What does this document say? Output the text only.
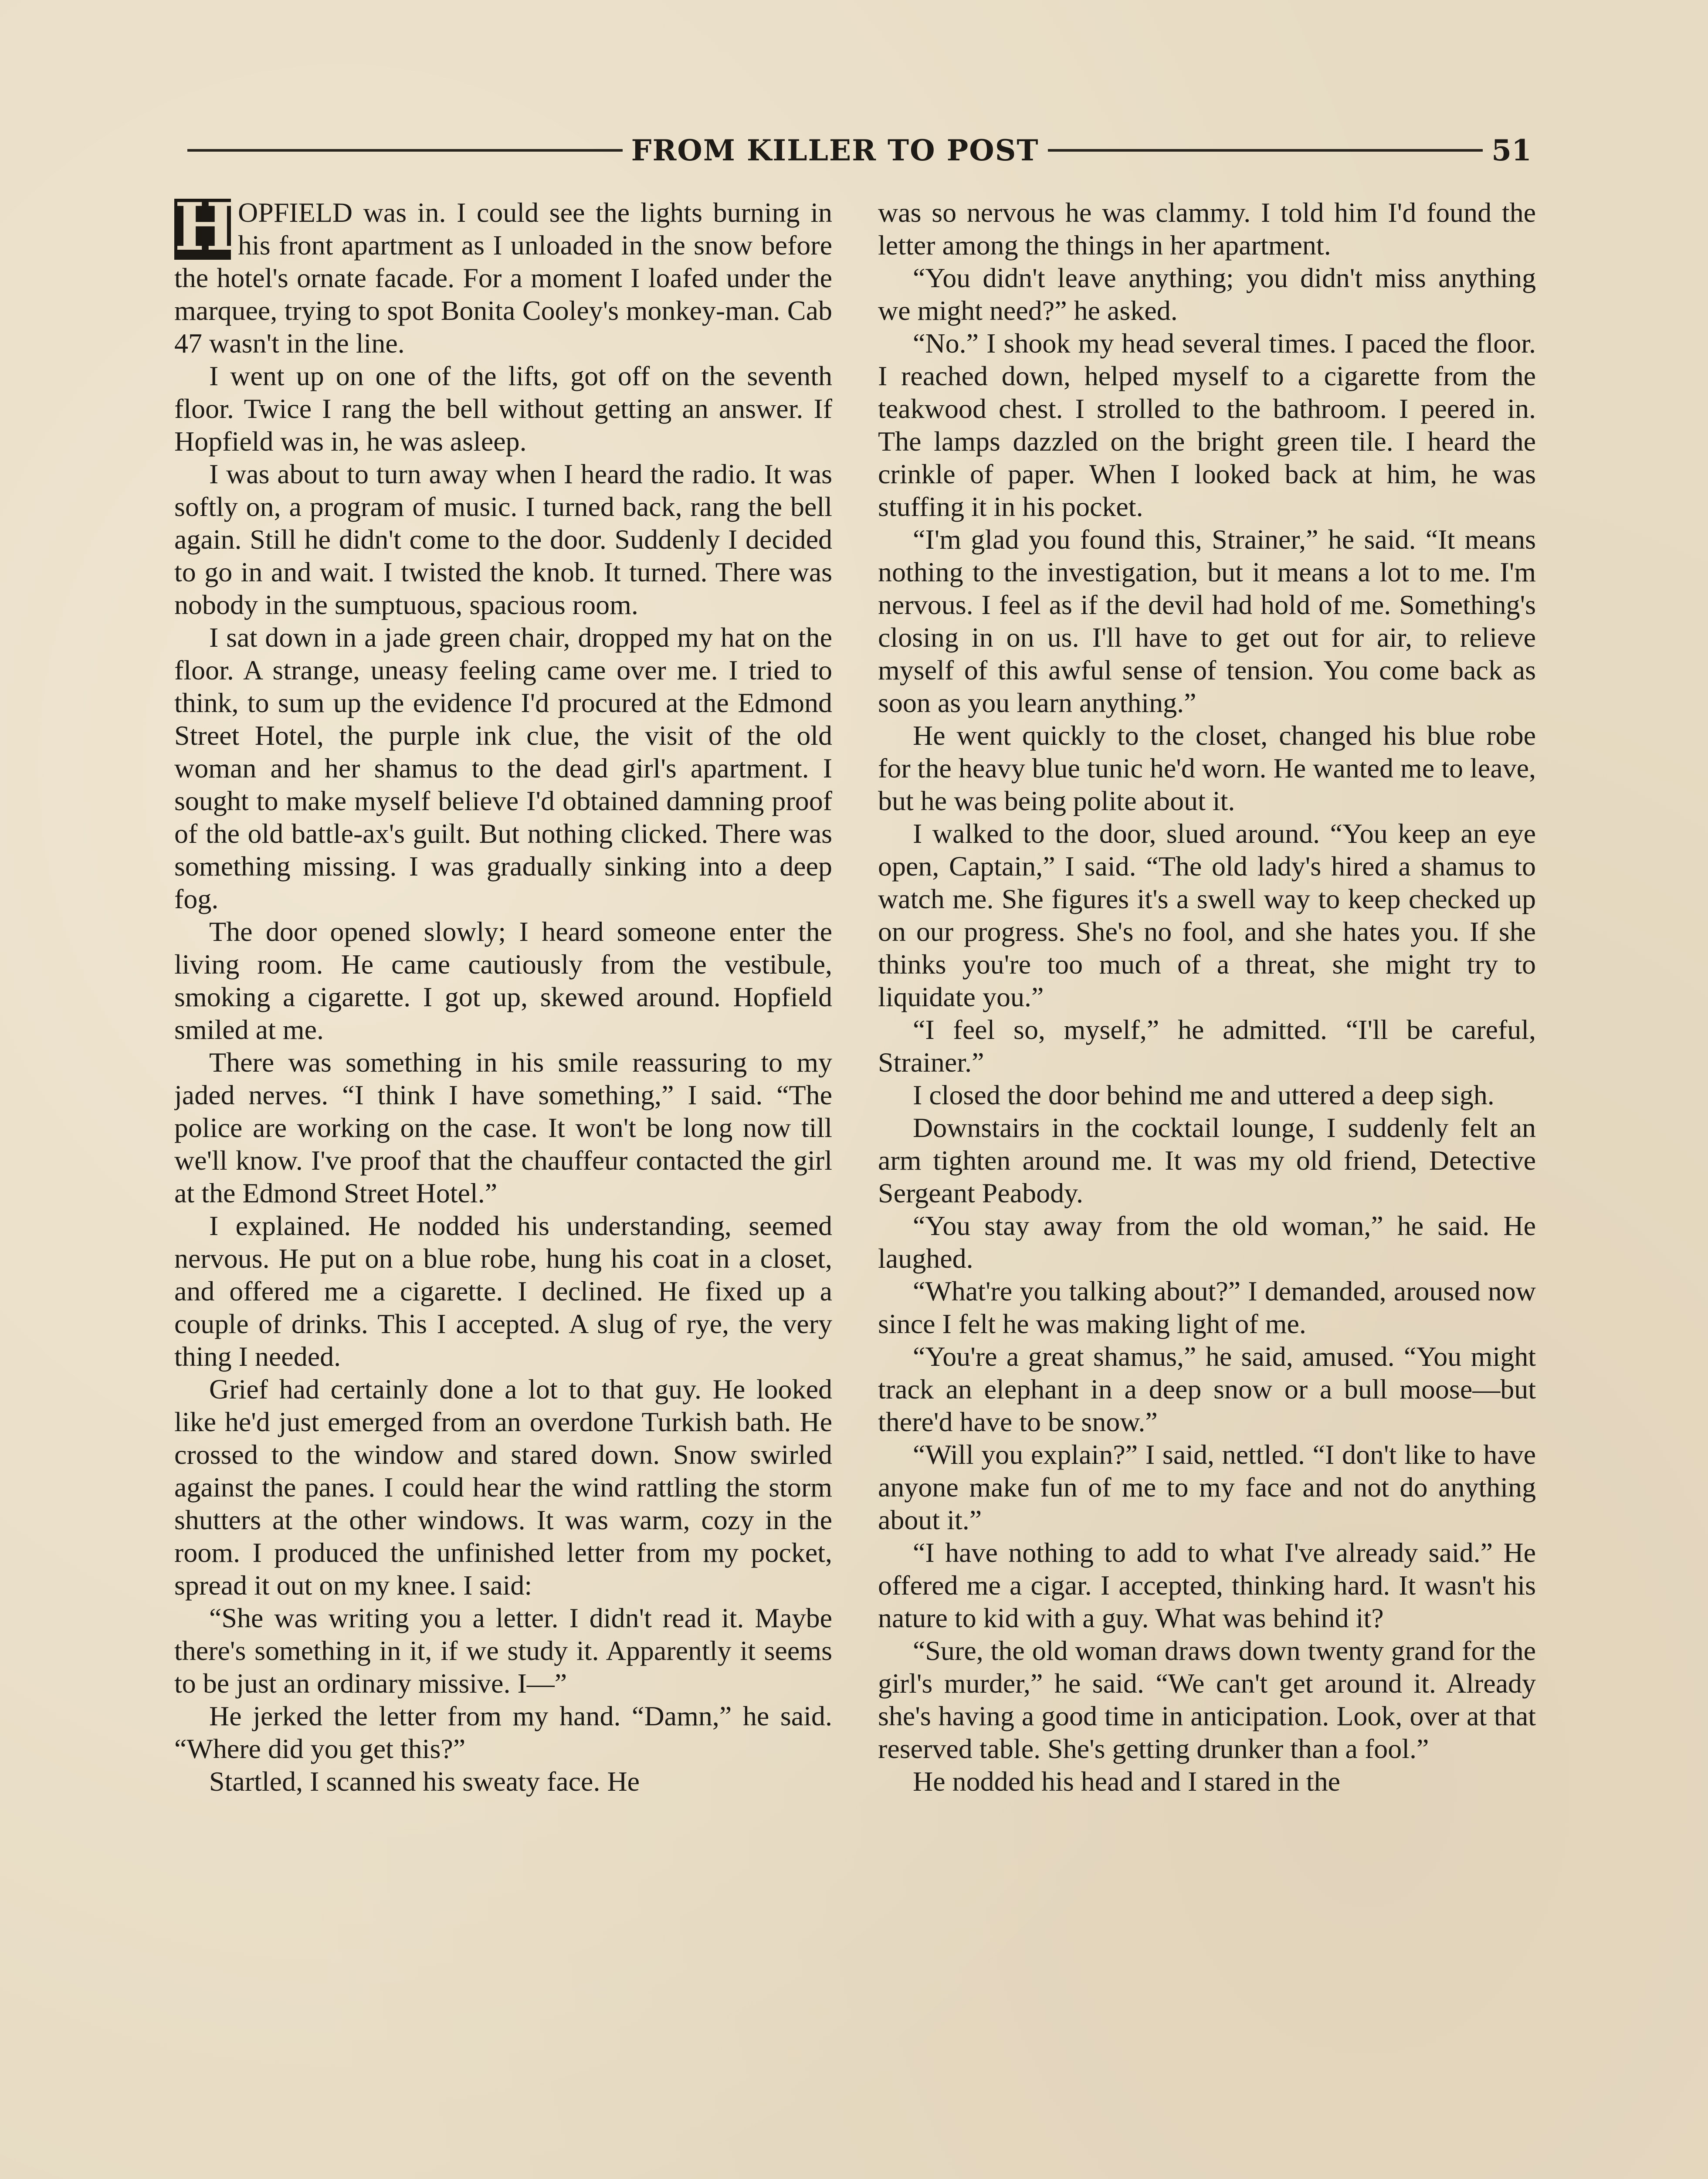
FROM KILLER TO POST	51

H OPFIELD was in. I could see the lights burning in his front apartment as I unloaded in the snow before the hotel's ornate facade. For a moment I loafed under the marquee, trying to spot Bonita Cooley's monkey-man. Cab 47 wasn't in the line.

I went up on one of the lifts, got off on the seventh floor. Twice I rang the bell without getting an answer. If Hopfield was in, he was asleep.

I was about to turn away when I heard the radio. It was softly on, a program of music. I turned back, rang the bell again. Still he didn't come to the door. Suddenly I decided to go in and wait. I twisted the knob. It turned. There was nobody in the sumptuous, spacious room.

I sat down in a jade green chair, dropped my hat on the floor. A strange, uneasy feeling came over me. I tried to think, to sum up the evidence I'd procured at the Edmond Street Hotel, the purple ink clue, the visit of the old woman and her shamus to the dead girl's apartment. I sought to make myself believe I'd obtained damning proof of the old battle-ax's guilt. But nothing clicked. There was something missing. I was gradually sinking into a deep fog.

The door opened slowly; I heard someone enter the living room. He came cautiously from the vestibule, smoking a cigarette. I got up, skewed around. Hopfield smiled at me.

There was something in his smile reassuring to my jaded nerves. “I think I have something,” I said. “The police are working on the case. It won't be long now till we'll know. I've proof that the chauffeur contacted the girl at the Edmond Street Hotel.”

I explained. He nodded his understanding, seemed nervous. He put on a blue robe, hung his coat in a closet, and offered me a cigarette. I declined. He fixed up a couple of drinks. This I accepted. A slug of rye, the very thing I needed.

Grief had certainly done a lot to that guy. He looked like he'd just emerged from an overdone Turkish bath. He crossed to the window and stared down. Snow swirled against the panes. I could hear the wind rattling the storm shutters at the other windows. It was warm, cozy in the room. I produced the unfinished letter from my pocket, spread it out on my knee. I said:

“She was writing you a letter. I didn't read it. Maybe there's something in it, if we study it. Apparently it seems to be just an ordinary missive. I—”

He jerked the letter from my hand. “Damn,” he said. “Where did you get this?”

Startled, I scanned his sweaty face. He

was so nervous he was clammy. I told him I'd found the letter among the things in her apartment.

“You didn't leave anything; you didn't miss anything we might need?” he asked.

“No.” I shook my head several times. I paced the floor. I reached down, helped myself to a cigarette from the teakwood chest. I strolled to the bathroom. I peered in. The lamps dazzled on the bright green tile. I heard the crinkle of paper. When I looked back at him, he was stuffing it in his pocket.

“I'm glad you found this, Strainer,” he said. “It means nothing to the investigation, but it means a lot to me. I'm nervous. I feel as if the devil had hold of me. Something's closing in on us. I'll have to get out for air, to relieve myself of this awful sense of tension. You come back as soon as you learn anything.”

He went quickly to the closet, changed his blue robe for the heavy blue tunic he'd worn. He wanted me to leave, but he was being polite about it.

I walked to the door, slued around. “You keep an eye open, Captain,” I said. “The old lady's hired a shamus to watch me. She figures it's a swell way to keep checked up on our progress. She's no fool, and she hates you. If she thinks you're too much of a threat, she might try to liquidate you.”

“I feel so, myself,” he admitted. “I'll be careful, Strainer.”

I closed the door behind me and uttered a deep sigh.

Downstairs in the cocktail lounge, I suddenly felt an arm tighten around me. It was my old friend, Detective Sergeant Peabody.

“You stay away from the old woman,” he said. He laughed.

“What're you talking about?” I demanded, aroused now since I felt he was making light of me.

“You're a great shamus,” he said, amused. “You might track an elephant in a deep snow or a bull moose—but there'd have to be snow.”

“Will you explain?” I said, nettled. “I don't like to have anyone make fun of me to my face and not do anything about it.”

“I have nothing to add to what I've already said.” He offered me a cigar. I accepted, thinking hard. It wasn't his nature to kid with a guy. What was behind it?

“Sure, the old woman draws down twenty grand for the girl's murder,” he said. “We can't get around it. Already she's having a good time in anticipation. Look, over at that reserved table. She's getting drunker than a fool.”

He nodded his head and I stared in the
